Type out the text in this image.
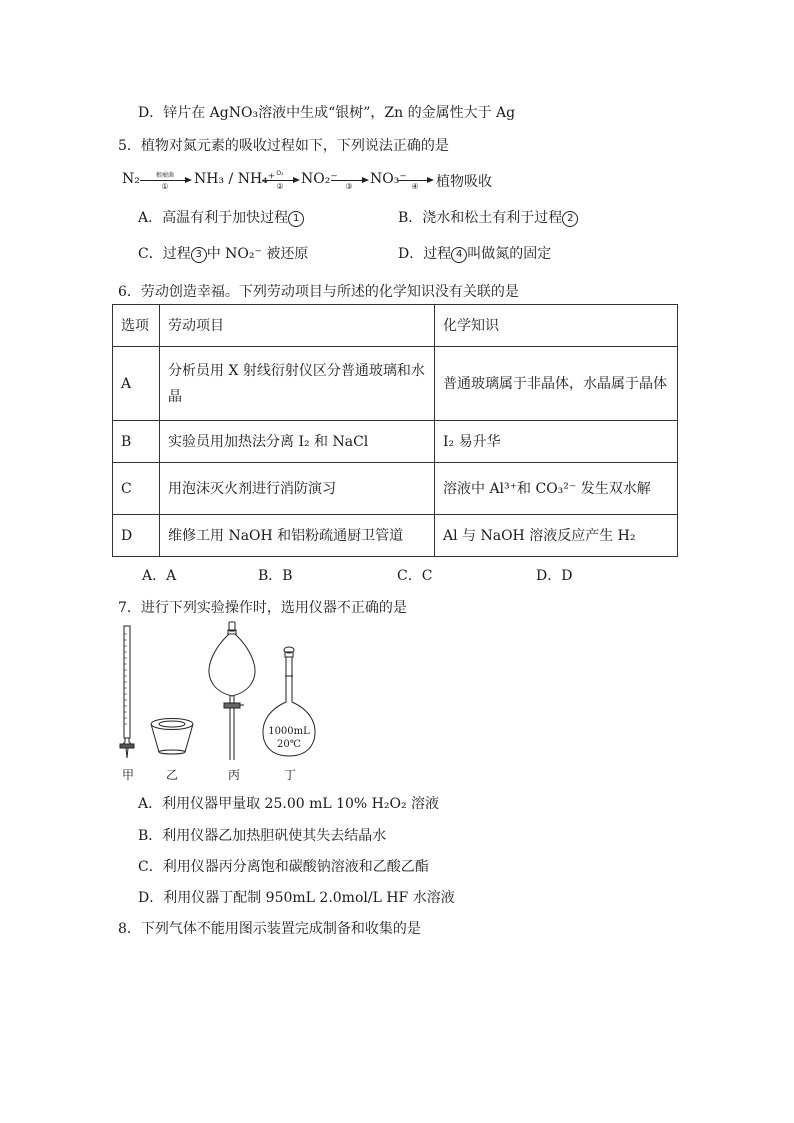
D．锌片在 AgNO₃溶液中生成“银树”，Zn 的金属性大于 Ag
5．植物对氮元素的吸收过程如下，下列说法正确的是
N₂	根瘤菌
①	NH₃ / NH₄⁺ O₂
②	NO₂⁻ ③	NO₃⁻ ④	植物吸收
A．高温有利于加快过程 1	B．浇水和松土有利于过程 2
C．过程 3 中 NO₂⁻ 被还原	D．过程 4 叫做氮的固定
6．劳动创造幸福。下列劳动项目与所述的化学知识没有关联的是
选项	劳动项目	化学知识
A	分析员用 X 射线衍射仪区分普通玻璃和水晶	普通玻璃属于非晶体，水晶属于晶体
B	实验员用加热法分离 I₂ 和 NaCl	I₂ 易升华
C	用泡沫灭火剂进行消防演习	溶液中 Al³⁺和 CO₃²⁻ 发生双水解
D	维修工用 NaOH 和铝粉疏通厨卫管道	Al 与 NaOH 溶液反应产生 H₂
A．A	B．B	C．C	D．D
7．进行下列实验操作时，选用仪器不正确的是
1000mL
20℃
甲	乙	丙	丁
A．利用仪器甲量取 25.00 mL 10% H₂O₂ 溶液
B．利用仪器乙加热胆矾使其失去结晶水
C．利用仪器丙分离饱和碳酸钠溶液和乙酸乙酯
D．利用仪器丁配制 950mL 2.0mol/L HF 水溶液
8．下列气体不能用图示装置完成制备和收集的是
